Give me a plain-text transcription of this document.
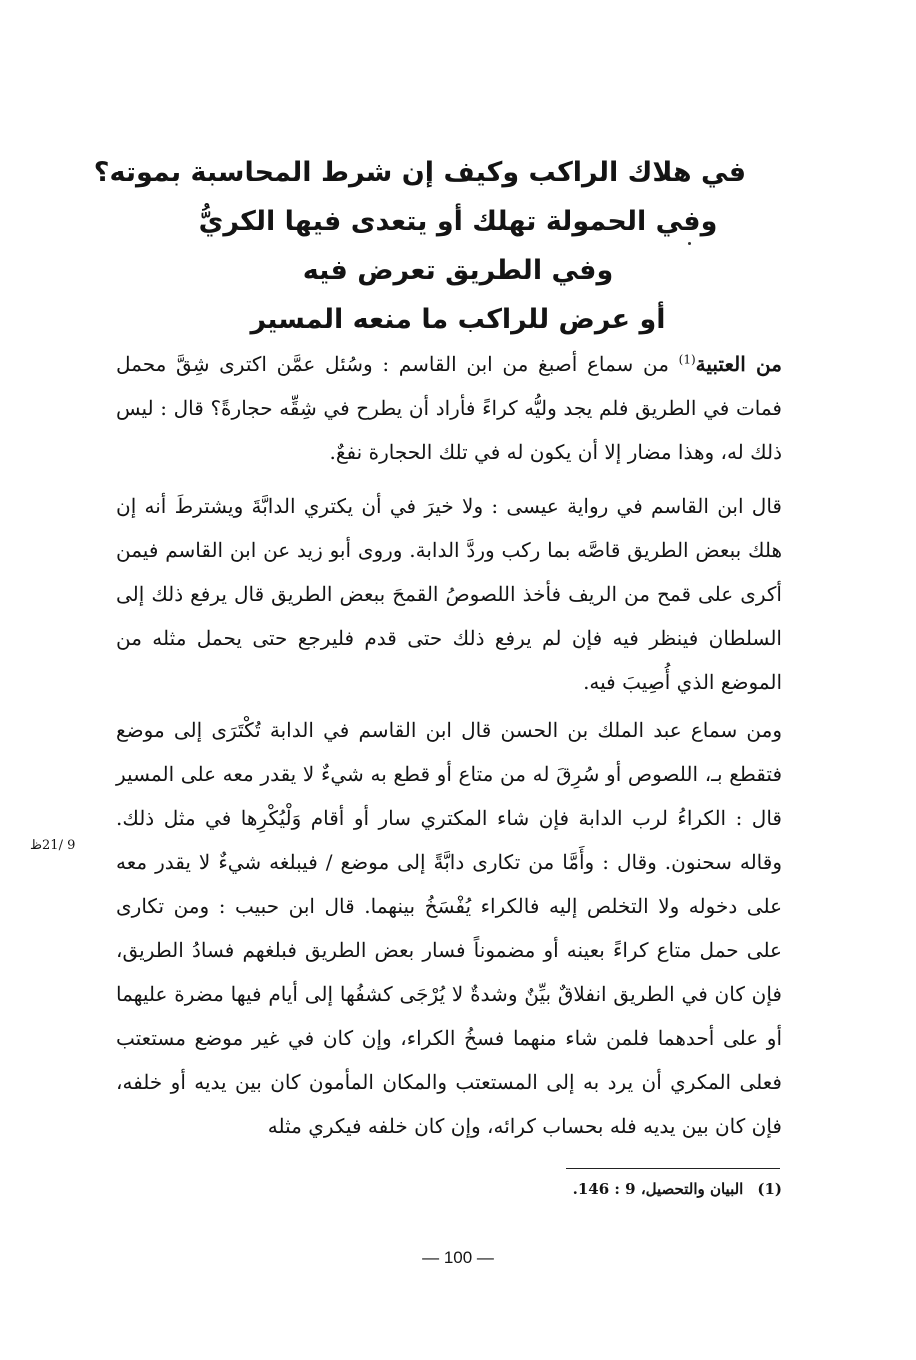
في هلاك الراكب وكيف إن شرط المحاسبة بموته؟
وفي الحمولة تهلك أو يتعدى فيها الكريُّ
وفي الطريق تعرض فيه
أو عرض للراكب ما منعه المسير

من العتبية$^{(1)}$ من سماع أصبغ من ابن القاسم : وسُئل عمَّن اكترى شِقَّ محمل فمات في الطريق فلم يجد وليُّه كراءً فأراد أن يطرح في شِقِّه حجارةً؟ قال : ليس ذلك له، وهذا مضار إلا أن يكون له في تلك الحجارة نفعٌ.

قال ابن القاسم في رواية عيسى : ولا خيرَ في أن يكتري الدابَّةَ ويشترطَ أنه إن هلك ببعض الطريق قاصَّه بما ركب وردَّ الدابة. وروى أبو زيد عن ابن القاسم فيمن أكرى على قمح من الريف فأخذ اللصوصُ القمحَ ببعض الطريق قال يرفع ذلك إلى السلطان فينظر فيه فإن لم يرفع ذلك حتى قدم فليرجع حتى يحمل مثله من الموضع الذي أُصِيبَ فيه.

ومن سماع عبد الملك بن الحسن قال ابن القاسم في الدابة تُكْتَرَى إلى موضع فتقطع بـ، اللصوص أو سُرِقَ له من متاع أو قطع به شيءٌ لا يقدر معه على المسير قال : الكراءُ لرب الدابة فإن شاء المكتري سار أو أقام وَلْيُكْرِها في مثل ذلك. وقاله سحنون. وقال : وأَمَّا من تكارى دابَّةً إلى موضع / فيبلغه شيءٌ لا يقدر معه على دخوله ولا التخلص إليه فالكراء يُفْسَخُ بينهما. قال ابن حبيب : ومن تكارى على حمل متاع كراءً بعينه أو مضموناً فسار بعض الطريق فبلغهم فسادُ الطريق، فإن كان في الطريق انفلاقٌ بيِّنٌ وشدةٌ لا يُرْجَى كشفُها إلى أيام فيها مضرة عليهما أو على أحدهما فلمن شاء منهما فسخُ الكراء، وإن كان في غير موضع مستعتب فعلى المكري أن يرد به إلى المستعتب والمكان المأمون كان بين يديه أو خلفه، فإن كان بين يديه فله بحساب كرائه، وإن كان خلفه فيكري مثله

9 /21ظ
(1)البيان والتحصيل، 9 : 146.
— 100 —
